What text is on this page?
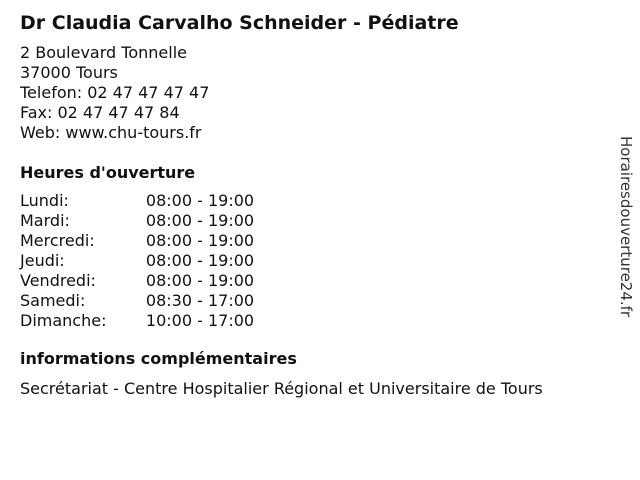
Dr Claudia Carvalho Schneider - Pédiatre
2 Boulevard Tonnelle
37000 Tours
Telefon: 02 47 47 47 47
Fax: 02 47 47 47 84
Web: www.chu-tours.fr
Heures d'ouverture
Lundi:	08:00 - 19:00
Mardi:	08:00 - 19:00
Mercredi:	08:00 - 19:00
Jeudi:	08:00 - 19:00
Vendredi:	08:00 - 19:00
Samedi:	08:30 - 17:00
Dimanche:	10:00 - 17:00
informations complémentaires
Secrétariat - Centre Hospitalier Régional et Universitaire de Tours
Horairesdouverture24.fr
